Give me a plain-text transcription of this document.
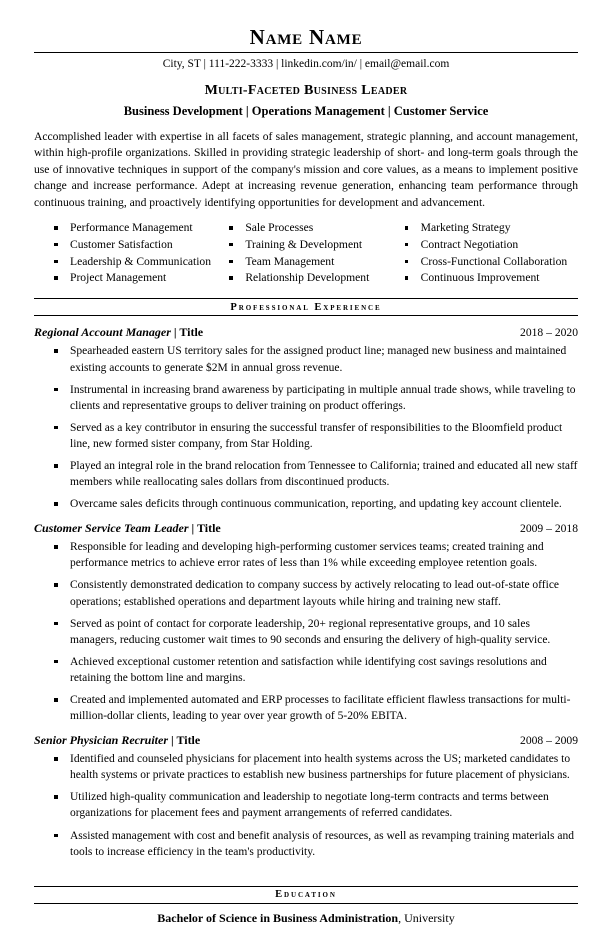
Name Name
City, ST | 111-222-3333 | linkedin.com/in/ | email@email.com
Multi-Faceted Business Leader
Business Development | Operations Management | Customer Service
Accomplished leader with expertise in all facets of sales management, strategic planning, and account management, within high-profile organizations. Skilled in providing strategic leadership of short- and long-term goals through the use of innovative techniques in support of the company's mission and core values, as a means to implement positive change and increase performance. Adept at increasing revenue generation, enhancing team performance through continuous training, and proactively identifying opportunities for development and advancement.
Performance Management	Sale Processes	Marketing Strategy
Customer Satisfaction	Training & Development	Contract Negotiation
Leadership & Communication	Team Management	Cross-Functional Collaboration
Project Management	Relationship Development	Continuous Improvement
Professional Experience
Regional Account Manager | Title	2018 – 2020
Spearheaded eastern US territory sales for the assigned product line; managed new business and maintained existing accounts to generate $2M in annual gross revenue.
Instrumental in increasing brand awareness by participating in multiple annual trade shows, while traveling to clients and representative groups to deliver training on product offerings.
Served as a key contributor in ensuring the successful transfer of responsibilities to the Bloomfield product line, new formed sister company, from Star Holding.
Played an integral role in the brand relocation from Tennessee to California; trained and educated all new staff members while reallocating sales dollars from discontinued products.
Overcame sales deficits through continuous communication, reporting, and updating key account clientele.
Customer Service Team Leader | Title	2009 – 2018
Responsible for leading and developing high-performing customer services teams; created training and performance metrics to achieve error rates of less than 1% while exceeding employee retention goals.
Consistently demonstrated dedication to company success by actively relocating to lead out-of-state office operations; established operations and department layouts while hiring and training new staff.
Served as point of contact for corporate leadership, 20+ regional representative groups, and 10 sales managers, reducing customer wait times to 90 seconds and ensuring the delivery of high-quality service.
Achieved exceptional customer retention and satisfaction while identifying cost savings resolutions and retaining the bottom line and margins.
Created and implemented automated and ERP processes to facilitate efficient flawless transactions for multi-million-dollar clients, leading to year over year growth of 5-20% EBITA.
Senior Physician Recruiter | Title	2008 – 2009
Identified and counseled physicians for placement into health systems across the US; marketed candidates to health systems or private practices to establish new business partnerships for future placement of physicians.
Utilized high-quality communication and leadership to negotiate long-term contracts and terms between organizations for placement fees and payment arrangements of referred candidates.
Assisted management with cost and benefit analysis of resources, as well as revamping training materials and tools to increase efficiency in the team's productivity.
Education
Bachelor of Science in Business Administration, University
